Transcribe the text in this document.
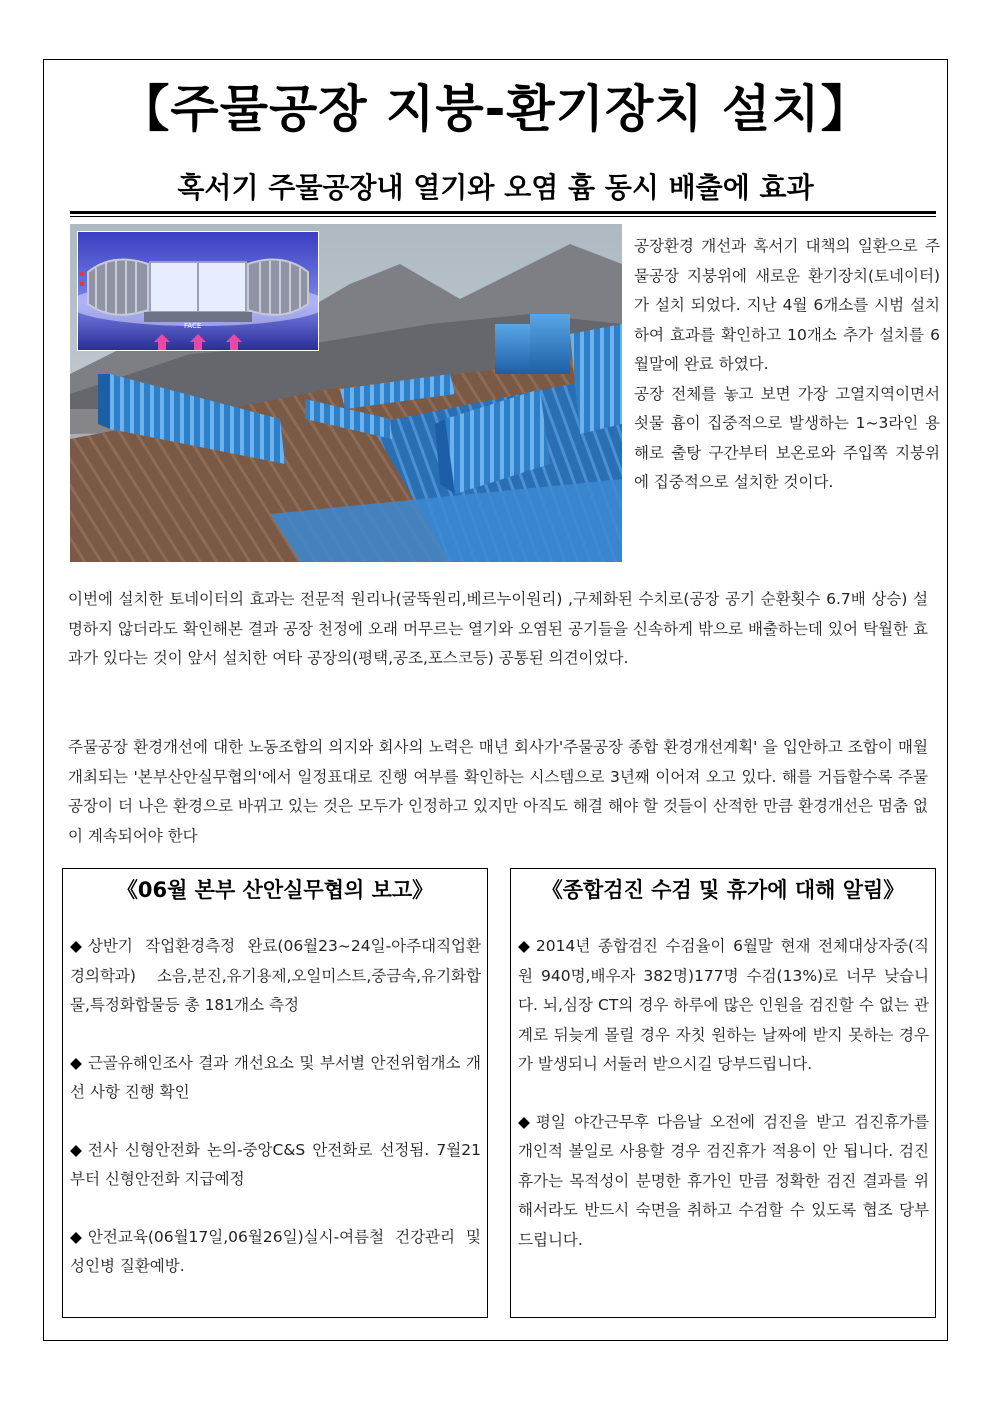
【주물공장 지붕-환기장치 설치】
혹서기 주물공장내 열기와 오염 흄 동시 배출에 효과
FACE

공장환경 개선과 혹서기 대책의 일환으로 주물공장 지붕위에 새로운 환기장치(토네이터)가 설치 되었다. 지난 4월 6개소를 시범 설치하여 효과를 확인하고 10개소 추가 설치를 6월말에 완료 하였다.

공장 전체를 놓고 보면 가장 고열지역이면서 쇳물 흄이 집중적으로 발생하는 1~3라인 용해로 출탕 구간부터 보온로와 주입쪽 지붕위에 집중적으로 설치한 것이다.

이번에 설치한 토네이터의 효과는 전문적 원리나(굴뚝원리,베르누이원리) ,구체화된 수치로(공장 공기 순환횟수 6.7배 상승) 설명하지 않더라도 확인해본 결과 공장 천정에 오래 머무르는 열기와 오염된 공기들을 신속하게 밖으로 배출하는데 있어 탁월한 효과가 있다는 것이 앞서 설치한 여타 공장의(평택,공조,포스코등) 공통된 의견이었다.

주물공장 환경개선에 대한 노동조합의 의지와 회사의 노력은 매년 회사가'주물공장 종합 환경개선계획' 을 입안하고 조합이 매월 개최되는 '본부산안실무협의'에서 일정표대로 진행 여부를 확인하는 시스템으로 3년째 이어져 오고 있다. 해를 거듭할수록 주물공장이 더 나은 환경으로 바뀌고 있는 것은 모두가 인정하고 있지만 아직도 해결 해야 할 것들이 산적한 만큼 환경개선은 멈춤 없이 계속되어야 한다

《06월 본부 산안실무협의 보고》
◆ 상반기 작업환경측정 완료(06월23~24일-아주대직업환경의학과) 소음,분진,유기용제,오일미스트,중금속,유기화합물,특정화합물등 총 181개소 측정
◆ 근골유해인조사 결과 개선요소 및 부서별 안전위험개소 개선 사항 진행 확인
◆ 전사 신형안전화 논의-중앙C&S 안전화로 선정됨. 7월21부터 신형안전화 지급예정
◆ 안전교육(06월17일,06월26일)실시-여름철 건강관리 및 성인병 질환예방.
《종합검진 수검 및 휴가에 대해 알림》
◆ 2014년 종합검진 수검율이 6월말 현재 전체대상자중(직원 940명,배우자 382명)177명 수검(13%)로 너무 낮습니다. 뇌,심장 CT의 경우 하루에 많은 인원을 검진할 수 없는 관계로 뒤늦게 몰릴 경우 자칫 원하는 날짜에 받지 못하는 경우가 발생되니 서둘러 받으시길 당부드립니다.
◆ 평일 야간근무후 다음날 오전에 검진을 받고 검진휴가를 개인적 볼일로 사용할 경우 검진휴가 적용이 안 됩니다. 검진휴가는 목적성이 분명한 휴가인 만큼 정확한 검진 결과를 위해서라도 반드시 숙면을 취하고 수검할 수 있도록 협조 당부드립니다.
